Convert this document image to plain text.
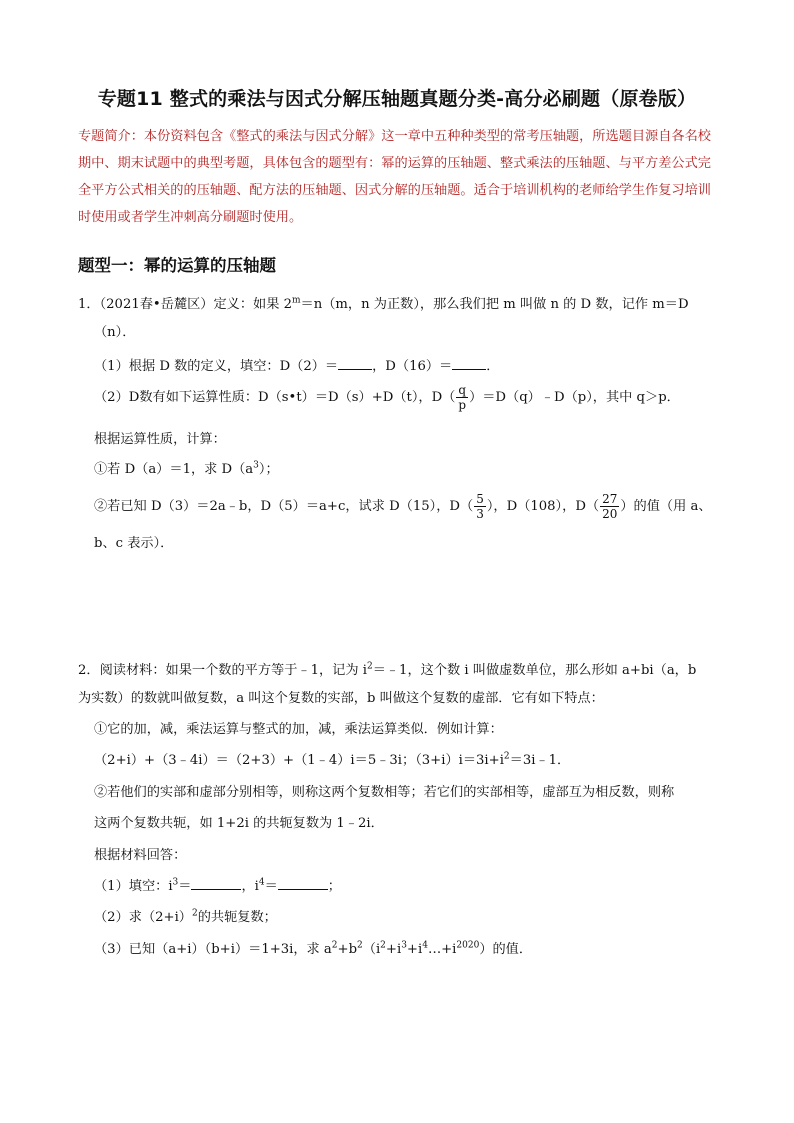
专题11 整式的乘法与因式分解压轴题真题分类-高分必刷题（原卷版）
专题简介：本份资料包含《整式的乘法与因式分解》这一章中五种种类型的常考压轴题，所选题目源自各名校期中、期末试题中的典型考题，具体包含的题型有：幂的运算的压轴题、整式乘法的压轴题、与平方差公式完全平方公式相关的的压轴题、配方法的压轴题、因式分解的压轴题。适合于培训机构的老师给学生作复习培训时使用或者学生冲刺高分刷题时使用。
题型一：幂的运算的压轴题
1．（2021春•岳麓区）定义：如果 $2^m=n(m$，n 为正数），那么我们把 m 叫做 n 的 D 数，记作 m＝D
（n）．
（1）根据 D 数的定义，填空：D（2）＝	，D（16）＝	．
（2）D数有如下运算性质：D（s•t）＝D（s）+D（t），$D( \frac{q}{p}$ ）＝D（q）﹣D（p），其中 q＞p．
根据运算性质，计算：
①若 D（a）＝1，求 $D(a^3)$；
②若已知 D（3）＝2a﹣b，D（5）＝a+c，试求 D（15），$D( \frac{5}{3}$ ），D（108），$D( \frac{27}{20}$ ）的值（用 a、
b、c 表示）．
2．阅读材料：如果一个数的平方等于﹣1，记为 $i^2=﹣1$，这个数 i 叫做虚数单位，那么形如 a+bi（a，b
为实数）的数就叫做复数，a 叫这个复数的实部，b 叫做这个复数的虚部．它有如下特点：
①它的加，减，乘法运算与整式的加，减，乘法运算类似．例如计算：
（2+i）+（3﹣4i）＝（2+3）+（1﹣4）i＝5﹣3i；$(3+i)i=3i+i^2=3i﹣1$．
②若他们的实部和虚部分别相等，则称这两个复数相等；若它们的实部相等，虚部互为相反数，则称
这两个复数共轭，如 1+2i 的共轭复数为 1﹣2i．
根据材料回答：
（1）填空：$i^3=$	，$i^4=$	；
（2）求$(2+i)^2$的共轭复数；
（3）已知（a+i）（b+i）＝1+3i，求 $a^2+b^2(i^2+i^3+i^4\dots+i^{2020})$的值．
